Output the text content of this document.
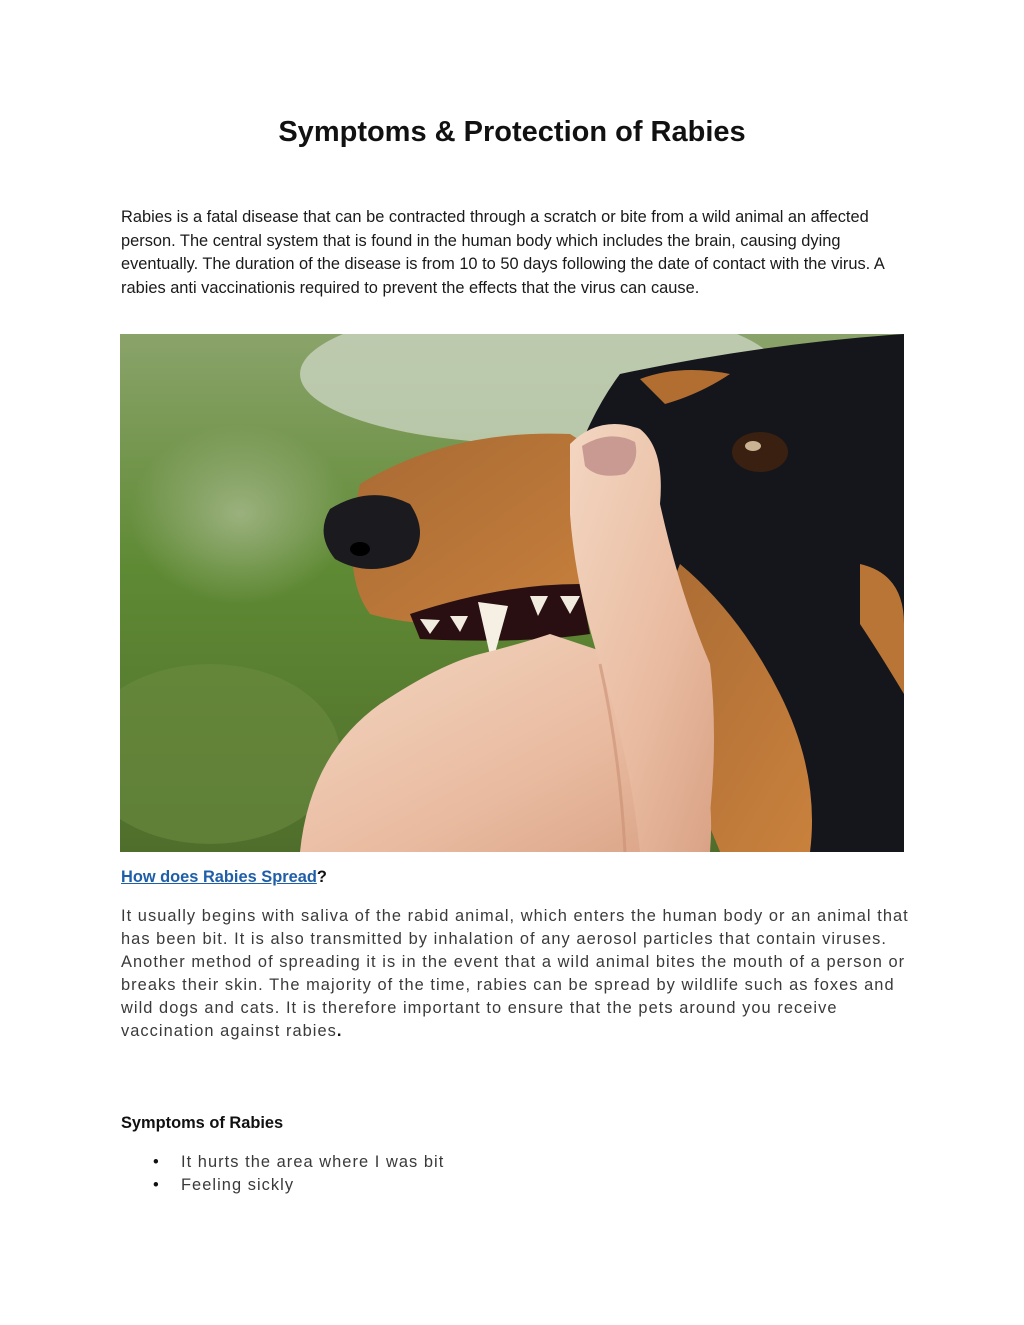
Symptoms & Protection of Rabies

Rabies is a fatal disease that can be contracted through a scratch or bite from a wild animal an affected person. The central system that is found in the human body which includes the brain, causing dying eventually. The duration of the disease is from 10 to 50 days following the date of contact with the virus. A rabies anti vaccinationis required to prevent the effects that the virus can cause.

How does Rabies Spread?

It usually begins with saliva of the rabid animal, which enters the human body or an animal that has been bit. It is also transmitted by inhalation of any aerosol particles that contain viruses. Another method of spreading it is in the event that a wild animal bites the mouth of a person or breaks their skin. The majority of the time, rabies can be spread by wildlife such as foxes and wild dogs and cats. It is therefore important to ensure that the pets around you receive vaccination against rabies.

Symptoms of Rabies
• It hurts the area where I was bit
• Feeling sickly
